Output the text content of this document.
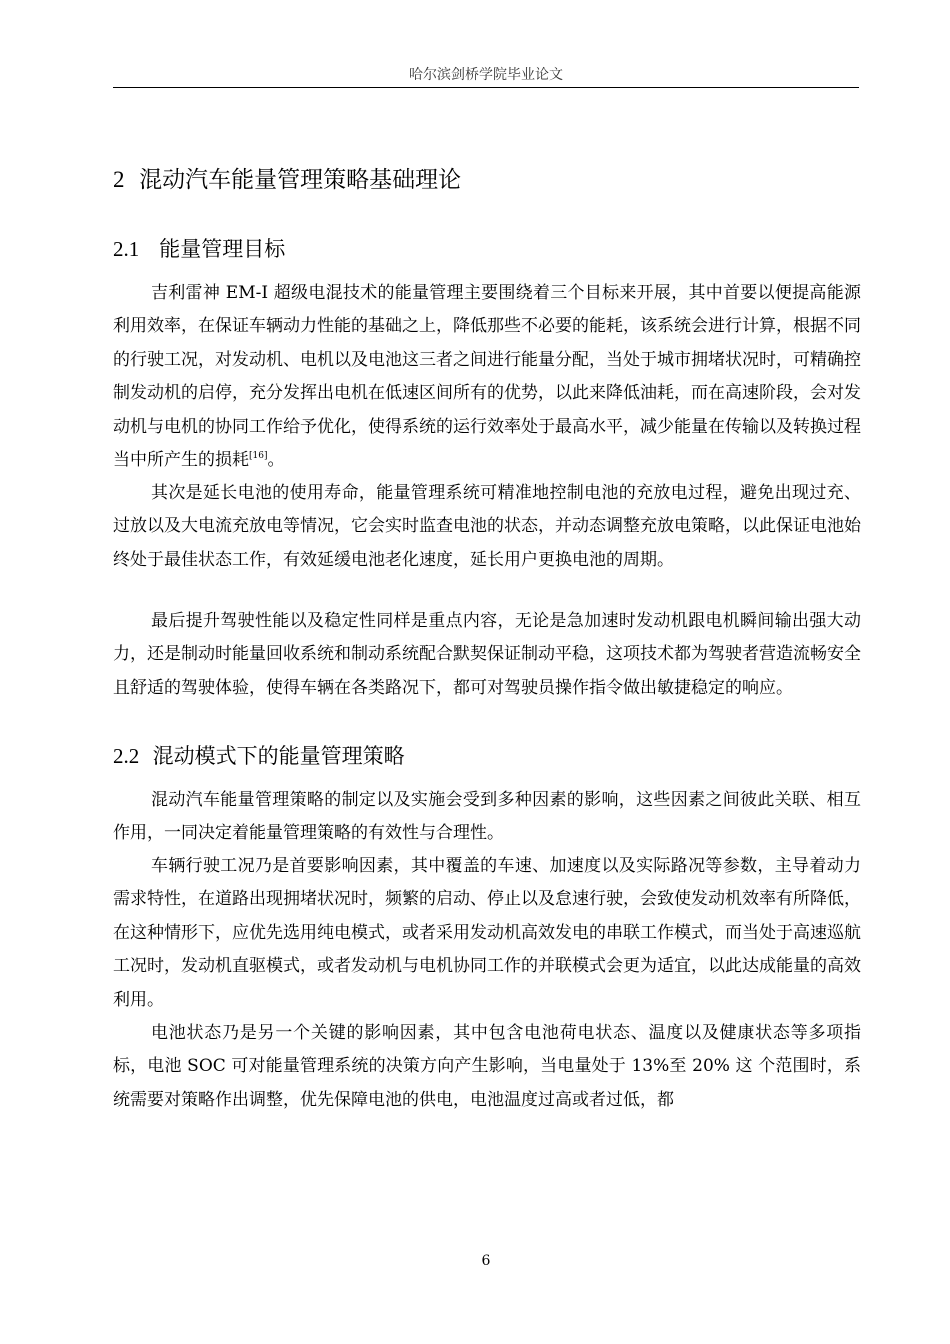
哈尔滨剑桥学院毕业论文
2 混动汽车能量管理策略基础理论
2.1 能量管理目标

吉利雷神 EM-I 超级电混技术的能量管理主要围绕着三个目标来开展，其中首要以便提高能源利用效率，在保证车辆动力性能的基础之上，降低那些不必要的能耗，该系统会进行计算，根据不同的行驶工况，对发动机、电机以及电池这三者之间进行能量分配，当处于城市拥堵状况时，可精确控制发动机的启停，充分发挥出电机在低速区间所有的优势，以此来降低油耗，而在高速阶段，会对发动机与电机的协同工作给予优化，使得系统的运行效率处于最高水平，减少能量在传输以及转换过程当中所产生的损耗[16]。

其次是延长电池的使用寿命，能量管理系统可精准地控制电池的充放电过程，避免出现过充、过放以及大电流充放电等情况，它会实时监查电池的状态，并动态调整充放电策略，以此保证电池始终处于最佳状态工作，有效延缓电池老化速度，延长用户更换电池的周期。

最后提升驾驶性能以及稳定性同样是重点内容，无论是急加速时发动机跟电机瞬间输出强大动力，还是制动时能量回收系统和制动系统配合默契保证制动平稳，这项技术都为驾驶者营造流畅安全且舒适的驾驶体验，使得车辆在各类路况下，都可对驾驶员操作指令做出敏捷稳定的响应。

2.2 混动模式下的能量管理策略

混动汽车能量管理策略的制定以及实施会受到多种因素的影响，这些因素之间彼此关联、相互作用，一同决定着能量管理策略的有效性与合理性。

车辆行驶工况乃是首要影响因素，其中覆盖的车速、加速度以及实际路况等参数，主导着动力需求特性，在道路出现拥堵状况时，频繁的启动、停止以及怠速行驶，会致使发动机效率有所降低，在这种情形下，应优先选用纯电模式，或者采用发动机高效发电的串联工作模式，而当处于高速巡航工况时，发动机直驱模式，或者发动机与电机协同工作的并联模式会更为适宜，以此达成能量的高效利用。

电池状态乃是另一个关键的影响因素，其中包含电池荷电状态、温度以及健康状态等多项指标，电池 SOC 可对能量管理系统的决策方向产生影响，当电量处于 13%至 20% 这 个范围时，系统需要对策略作出调整，优先保障电池的供电，电池温度过高或者过低，都

6
